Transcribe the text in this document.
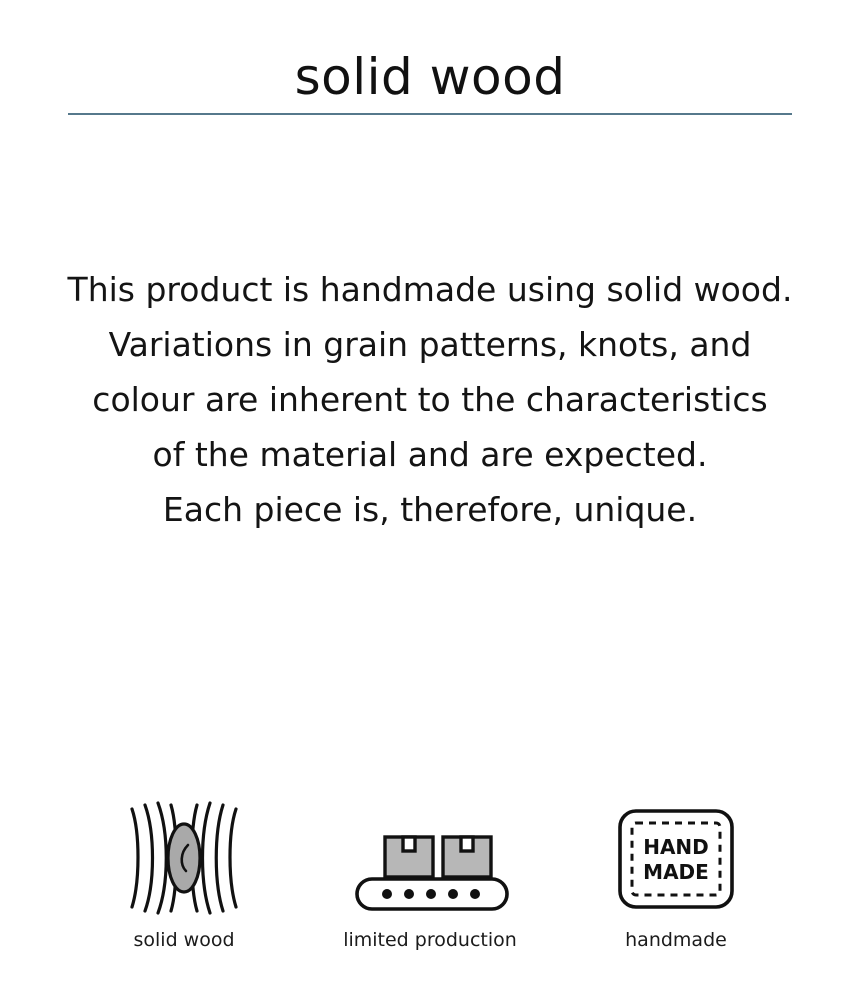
solid wood
This product is handmade using solid wood.
Variations in grain patterns, knots, and
colour are inherent to the characteristics
of the material and are expected.
Each piece is, therefore, unique.
solid wood	limited production
HAND
MADE
handmade
